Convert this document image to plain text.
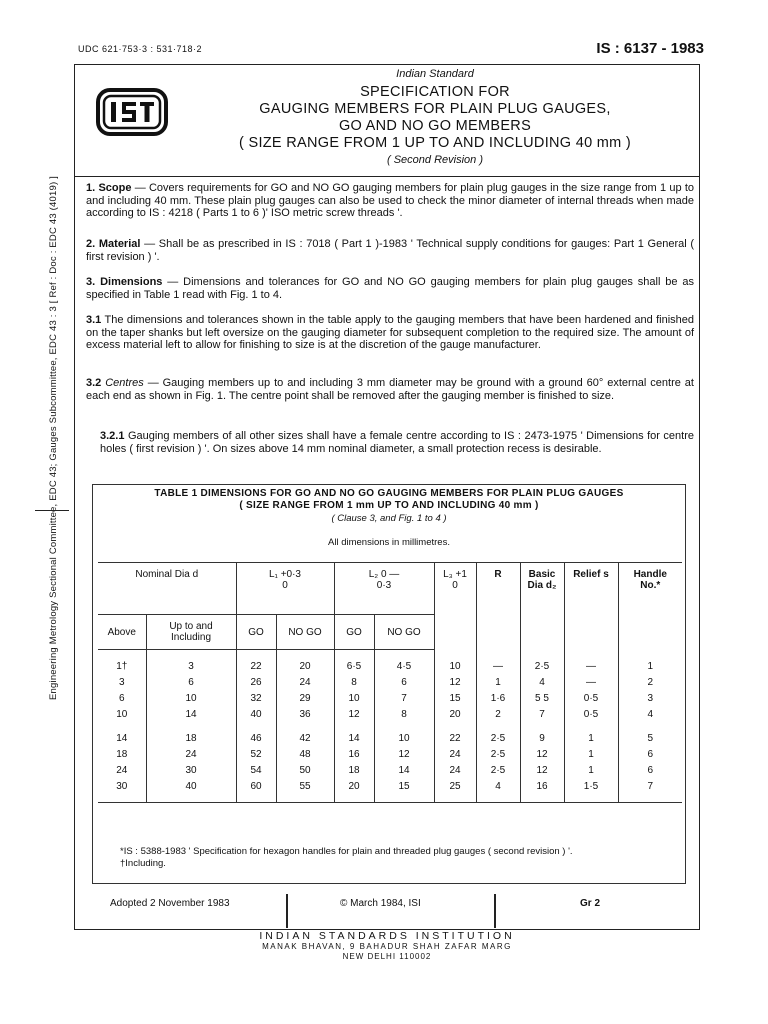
UDC 621·753·3 : 531·718·2	IS : 6137 - 1983
Engineering Metrology Sectional Committee, EDC 43; Gauges Subcommittee, EDC 43 : 3 [ Ref : Doc : EDC 43 (4019) ]
Indian Standard
SPECIFICATION FOR
GAUGING MEMBERS FOR PLAIN PLUG GAUGES,
GO AND NO GO MEMBERS
( SIZE RANGE FROM 1 UP TO AND INCLUDING 40 mm )
( Second Revision )
1. Scope — Covers requirements for GO and NO GO gauging members for plain plug gauges in the size range from 1 up to and including 40 mm. These plain plug gauges can also be used to check the minor diameter of internal threads when made according to IS : 4218 ( Parts 1 to 6 )' ISO metric screw threads '.
2. Material — Shall be as prescribed in IS : 7018 ( Part 1 )-1983 ' Technical supply conditions for gauges: Part 1 General ( first revision ) '.
3. Dimensions — Dimensions and tolerances for GO and NO GO gauging members for plain plug gauges shall be as specified in Table 1 read with Fig. 1 to 4.
3.1 The dimensions and tolerances shown in the table apply to the gauging members that have been hardened and finished on the taper shanks but left oversize on the gauging diameter for subsequent completion to the required size. The amount of excess material left to allow for finishing to size is at the discretion of the gauge manufacturer.
3.2 Centres — Gauging members up to and including 3 mm diameter may be ground with a ground 60° external centre at each end as shown in Fig. 1. The centre point shall be removed after the gauging member is finished to size.
3.2.1 Gauging members of all other sizes shall have a female centre according to IS : 2473-1975 ' Dimensions for centre holes ( first revision ) '. On sizes above 14 mm nominal diameter, a small protection recess is desirable.
TABLE 1 DIMENSIONS FOR GO AND NO GO GAUGING MEMBERS FOR PLAIN PLUG GAUGES
( SIZE RANGE FROM 1 mm UP TO AND INCLUDING 40 mm )
( Clause 3, and Fig. 1 to 4 )
All dimensions in millimetres.
Nominal Dia d		L₁ +0·3 0		L₂ 0 —0·3		L₃ +1 0	R	Basic Dia d₂	Relief s	Handle No.*
Above	Up to and Including	GO	NO GO	GO	NO GO					

1†	3	22	20	6·5	4·5	10	—	2·5	—	1
3	6	26	24	8	6	12	1	4	—	2
6	10	32	29	10	7	15	1·6	5 5	0·5	3
10	14	40	36	12	8	20	2	7	0·5	4

14	18	46	42	14	10	22	2·5	9	1	5
18	24	52	48	16	12	24	2·5	12	1	6
24	30	54	50	18	14	24	2·5	12	1	6
30	40	60	55	20	15	25	4	16	1·5	7

*IS : 5388-1983 ' Specification for hexagon handles for plain and threaded plug gauges ( second revision ) '.
†Including.
Adopted 2 November 1983	© March 1984, ISI	Gr 2
INDIAN STANDARDS INSTITUTION
MANAK BHAVAN, 9 BAHADUR SHAH ZAFAR MARG
NEW DELHI 110002
